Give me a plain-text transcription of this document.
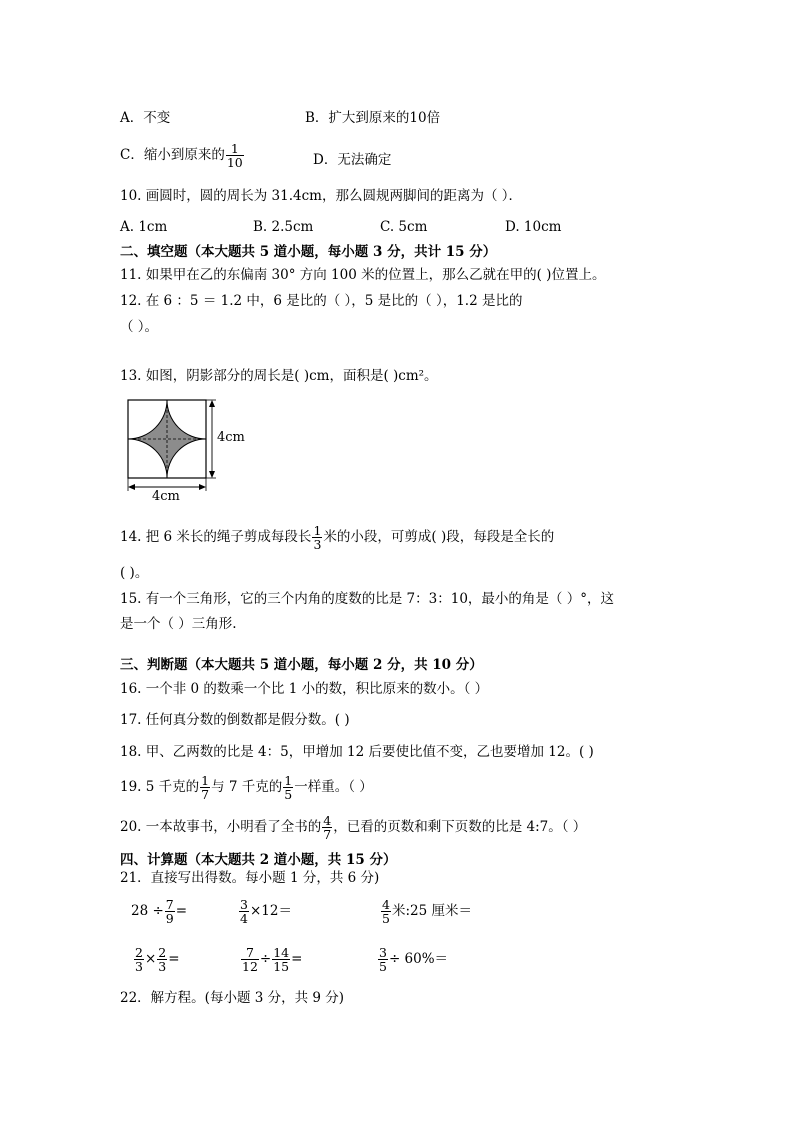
A．不变	B．扩大到原来的10倍
C．缩小到原来的 $\frac{1}{10}$	D．无法确定
10. 画圆时，圆的周长为 31.4cm，那么圆规两脚间的距离为（ ）．
A. 1cm	B. 2.5cm	C. 5cm	D. 10cm
二、填空题（本大题共 5 道小题，每小题 3 分，共计 15 分）
11. 如果甲在乙的东偏南 30° 方向 100 米的位置上，那么乙就在甲的( )位置上。
12. 在 6 ：5 ＝ 1.2 中，6 是比的（ ），5 是比的（ ），1.2 是比的
（ ）。
13. 如图，阴影部分的周长是( )cm，面积是( )cm²。
4cm
4cm
14. 把 6 米长的绳子剪成每段长 $\frac{1}{3}$ 米的小段，可剪成( )段，每段是全长的
( )。
15. 有一个三角形，它的三个内角的度数的比是 7：3：10，最小的角是（ ）°，这
是一个（ ）三角形.
三、判断题（本大题共 5 道小题，每小题 2 分，共 10 分）
16. 一个非 0 的数乘一个比 1 小的数，积比原来的数小。（ ）
17. 任何真分数的倒数都是假分数。( )
18. 甲、乙两数的比是 4：5，甲增加 12 后要使比值不变，乙也要增加 12。( )
19. 5 千克的 $\frac{1}{7}$ 与 7 千克的 $\frac{1}{5}$ 一样重。（ ）
20. 一本故事书，小明看了全书的 $\frac{4}{7}$ ，已看的页数和剩下页数的比是 4:7。（ ）
四、计算题（本大题共 2 道小题，共 15 分）
21．直接写出得数。每小题 1 分，共 6 分)
$28 \div \frac{7}{9}$ =	$\frac{3}{4} \times 12=$	$\frac{4}{5}$ 米:25 厘米＝
$\frac{2}{3} \times \frac{2}{3}$ =	$\frac{7}{12} \div \frac{14}{15}$ =	$\frac{3}{5} \div 60\%=$
22．解方程。(每小题 3 分，共 9 分)
